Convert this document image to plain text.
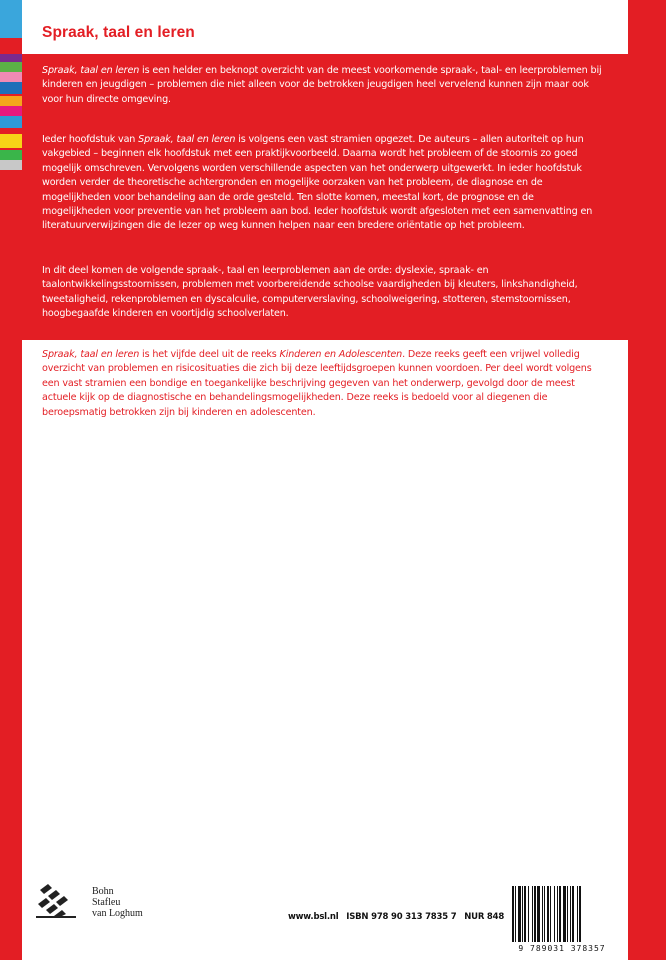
Spraak, taal en leren
Spraak, taal en leren is een helder en beknopt overzicht van de meest voorkomende spraak-, taal- en leerproblemen bij kinderen en jeugdigen – problemen die niet alleen voor de betrokken jeugdigen heel vervelend kunnen zijn maar ook voor hun directe omgeving.
Ieder hoofdstuk van Spraak, taal en leren is volgens een vast stramien opgezet. De auteurs – allen autoriteit op hun vakgebied – beginnen elk hoofdstuk met een praktijkvoorbeeld. Daarna wordt het probleem of de stoornis zo goed mogelijk omschreven. Vervolgens worden verschillende aspecten van het onderwerp uitgewerkt. In ieder hoofdstuk worden verder de theoretische achtergronden en mogelijke oorzaken van het probleem, de diagnose en de mogelijkheden voor behandeling aan de orde gesteld. Ten slotte komen, meestal kort, de prognose en de mogelijkheden voor preventie van het probleem aan bod. Ieder hoofdstuk wordt afgesloten met een samenvatting en literatuurverwijzingen die de lezer op weg kunnen helpen naar een bredere oriëntatie op het probleem.
In dit deel komen de volgende spraak-, taal en leerproblemen aan de orde: dyslexie, spraak- en taalontwikkelingsstoornissen, problemen met voorbereidende schoolse vaardigheden bij kleuters, linkshandigheid, tweetaligheid, rekenproblemen en dyscalculie, computerverslaving, schoolweigering, stotteren, stemstoornissen, hoogbegaafde kinderen en voortijdig schoolverlaten.
Spraak, taal en leren is het vijfde deel uit de reeks Kinderen en Adolescenten. Deze reeks geeft een vrijwel volledig overzicht van problemen en risicosituaties die zich bij deze leeftijdsgroepen kunnen voordoen. Per deel wordt volgens een vast stramien een bondige en toegankelijke beschrijving gegeven van het onderwerp, gevolgd door de meest actuele kijk op de diagnostische en behandelingsmogelijkheden. Deze reeks is bedoeld voor al diegenen die beroepsmatig betrokken zijn bij kinderen en adolescenten.
Bohn
Stafleu
van Loghum	www.bsl.nl ISBN 978 90 313 7835 7 NUR 848
9 789031 378357
